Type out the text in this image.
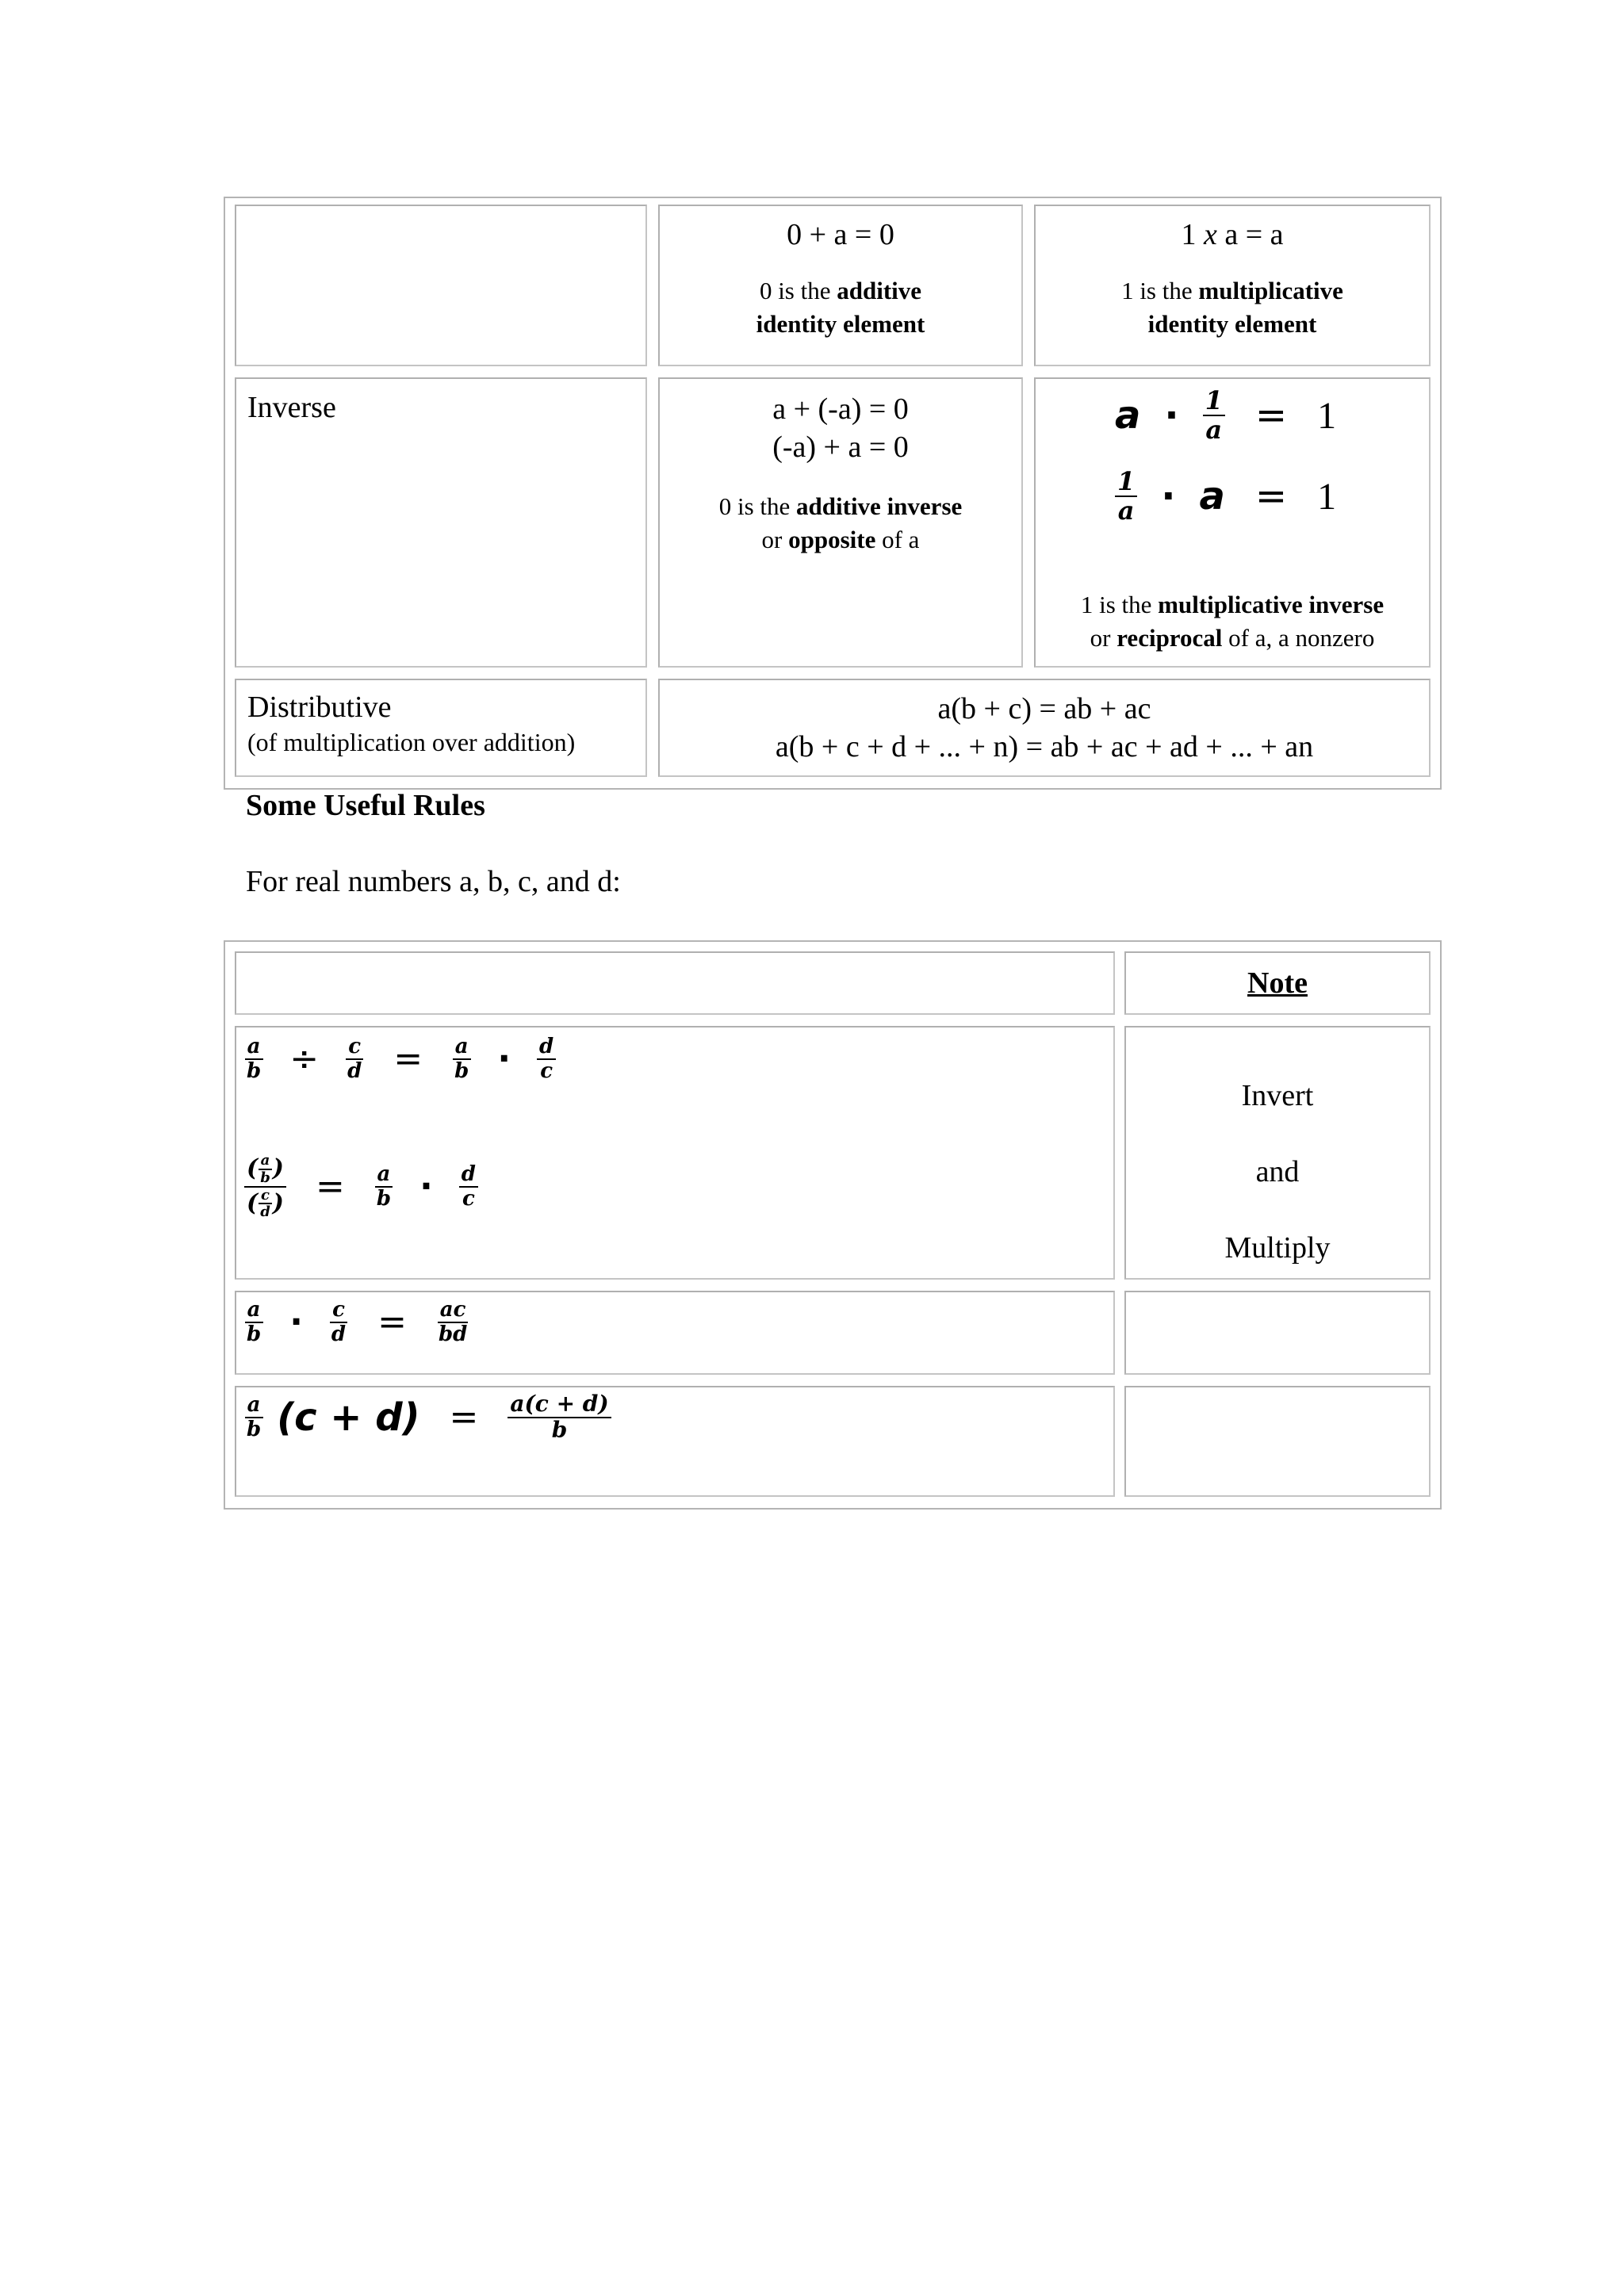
0 + a = 0
0 is the additive
identity element
1 x a = a
1 is the multiplicative
identity element
Inverse	a + (-a) = 0
(-a) + a = 0
0 is the additive inverse
or opposite of a
$a \cdot \frac{1}{a} = 1$
$\frac{1}{a} \cdot a = 1$
1 is the multiplicative inverse
or reciprocal of a, a nonzero
Distributive
(of multiplication over addition)
a(b + c) = ab + ac
a(b + c + d + ... + n) = ab + ac + ad + ... + an
Some Useful Rules
For real numbers a, b, c, and d:
Note
$\frac{a}{b} \div \frac{c}{d} = \frac{a}{b} \cdot \frac{d}{c}$
$\frac{( \frac{a}{b} )}{( \frac{c}{d} )} = \frac{a}{b} \cdot \frac{d}{c}$
Invert
and
Multiply
$\frac{a}{b} \cdot \frac{c}{d} = \frac{ac}{bd}$
$\frac{a}{b} (c + d) = \frac{a(c + d)}{b}$
